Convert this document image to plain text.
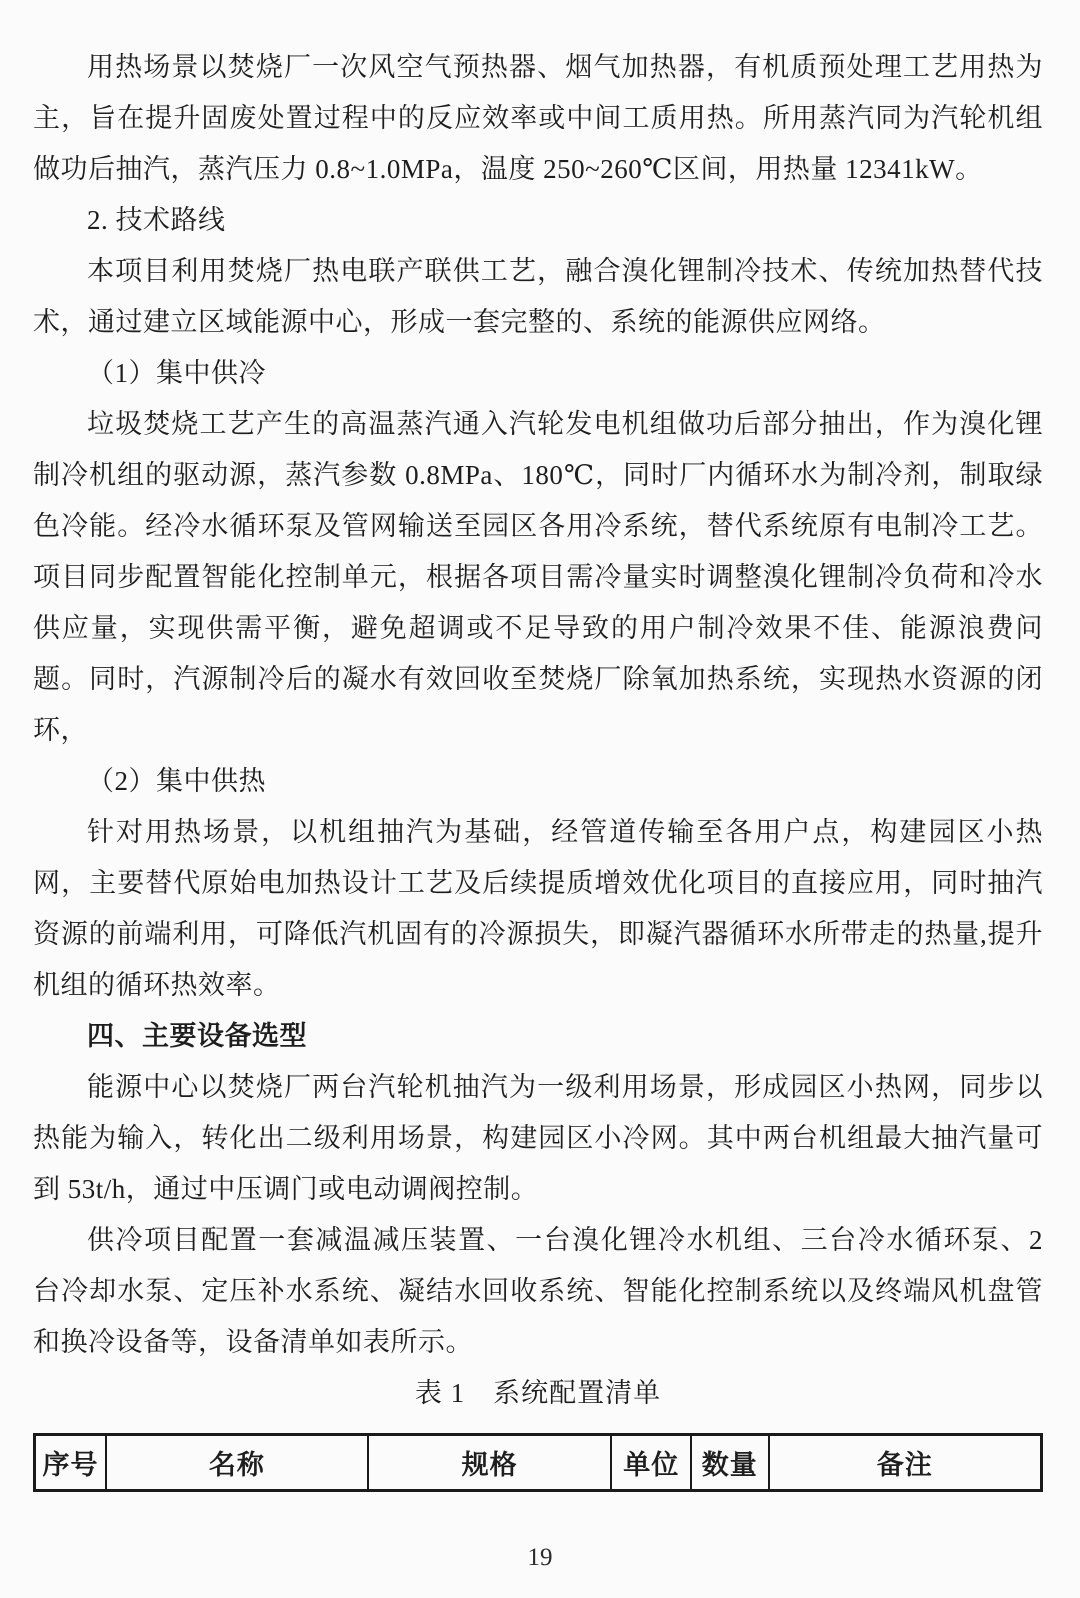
用热场景以焚烧厂一次风空气预热器、烟气加热器，有机质预处理工艺用热为主，旨在提升固废处置过程中的反应效率或中间工质用热。所用蒸汽同为汽轮机组做功后抽汽，蒸汽压力 0.8~1.0MPa，温度 250~260℃区间，用热量 12341kW。

2. 技术路线

本项目利用焚烧厂热电联产联供工艺，融合溴化锂制冷技术、传统加热替代技术，通过建立区域能源中心，形成一套完整的、系统的能源供应网络。

（1）集中供冷

垃圾焚烧工艺产生的高温蒸汽通入汽轮发电机组做功后部分抽出，作为溴化锂制冷机组的驱动源，蒸汽参数 0.8MPa、180℃，同时厂内循环水为制冷剂，制取绿色冷能。经冷水循环泵及管网输送至园区各用冷系统，替代系统原有电制冷工艺。项目同步配置智能化控制单元，根据各项目需冷量实时调整溴化锂制冷负荷和冷水供应量，实现供需平衡，避免超调或不足导致的用户制冷效果不佳、能源浪费问题。同时，汽源制冷后的凝水有效回收至焚烧厂除氧加热系统，实现热水资源的闭环，

（2）集中供热

针对用热场景，以机组抽汽为基础，经管道传输至各用户点，构建园区小热网，主要替代原始电加热设计工艺及后续提质增效优化项目的直接应用，同时抽汽资源的前端利用，可降低汽机固有的冷源损失，即凝汽器循环水所带走的热量,提升机组的循环热效率。

四、主要设备选型

能源中心以焚烧厂两台汽轮机抽汽为一级利用场景，形成园区小热网，同步以热能为输入，转化出二级利用场景，构建园区小冷网。其中两台机组最大抽汽量可到 53t/h，通过中压调门或电动调阀控制。

供冷项目配置一套减温减压装置、一台溴化锂冷水机组、三台冷水循环泵、2 台冷却水泵、定压补水系统、凝结水回收系统、智能化控制系统以及终端风机盘管和换冷设备等，设备清单如表所示。

表 1　系统配置清单

序号	名称	规格	单位	数量	备注
19
